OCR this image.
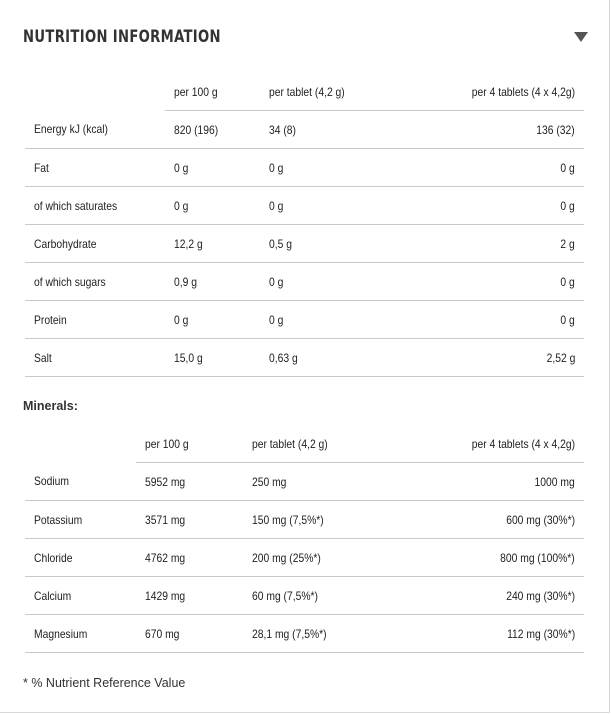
NUTRITION INFORMATION
	per 100 g	per tablet (4,2 g)	per 4 tablets (4 x 4,2g)
Energy kJ (kcal)	820 (196)	34 (8)	136 (32)
Fat	0 g	0 g	0 g
of which saturates	0 g	0 g	0 g
Carbohydrate	12,2 g	0,5 g	2 g
of which sugars	0,9 g	0 g	0 g
Protein	0 g	0 g	0 g
Salt	15,0 g	0,63 g	2,52 g
Minerals:
	per 100 g	per tablet (4,2 g)	per 4 tablets (4 x 4,2g)
Sodium	5952 mg	250 mg	1000 mg
Potassium	3571 mg	150 mg (7,5%*)	600 mg (30%*)
Chloride	4762 mg	200 mg (25%*)	800 mg (100%*)
Calcium	1429 mg	60 mg (7,5%*)	240 mg (30%*)
Magnesium	670 mg	28,1 mg (7,5%*)	112 mg (30%*)
* % Nutrient Reference Value
